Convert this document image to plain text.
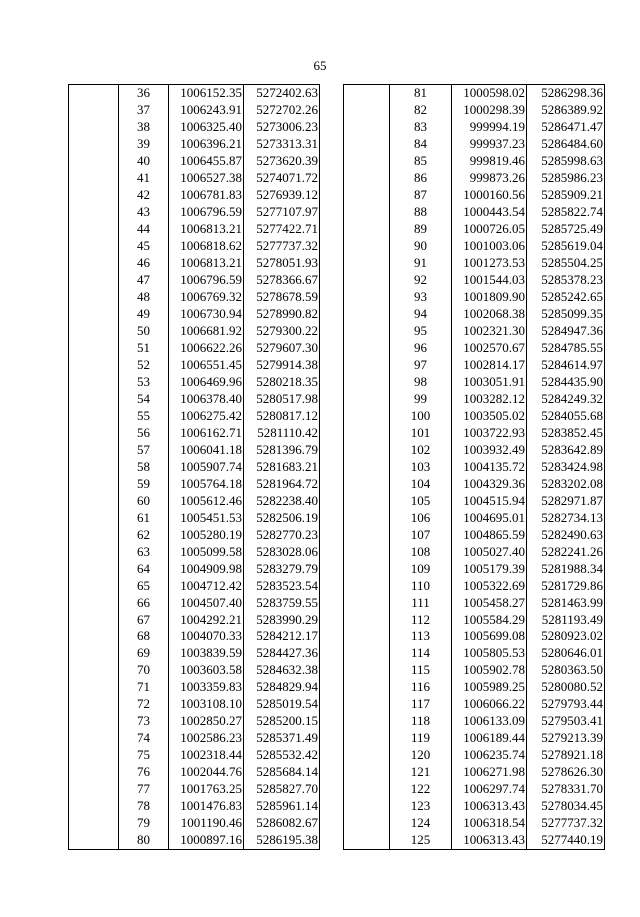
65
	36	1006152.35	5272402.63
	37	1006243.91	5272702.26
	38	1006325.40	5273006.23
	39	1006396.21	5273313.31
	40	1006455.87	5273620.39
	41	1006527.38	5274071.72
	42	1006781.83	5276939.12
	43	1006796.59	5277107.97
	44	1006813.21	5277422.71
	45	1006818.62	5277737.32
	46	1006813.21	5278051.93
	47	1006796.59	5278366.67
	48	1006769.32	5278678.59
	49	1006730.94	5278990.82
	50	1006681.92	5279300.22
	51	1006622.26	5279607.30
	52	1006551.45	5279914.38
	53	1006469.96	5280218.35
	54	1006378.40	5280517.98
	55	1006275.42	5280817.12
	56	1006162.71	5281110.42
	57	1006041.18	5281396.79
	58	1005907.74	5281683.21
	59	1005764.18	5281964.72
	60	1005612.46	5282238.40
	61	1005451.53	5282506.19
	62	1005280.19	5282770.23
	63	1005099.58	5283028.06
	64	1004909.98	5283279.79
	65	1004712.42	5283523.54
	66	1004507.40	5283759.55
	67	1004292.21	5283990.29
	68	1004070.33	5284212.17
	69	1003839.59	5284427.36
	70	1003603.58	5284632.38
	71	1003359.83	5284829.94
	72	1003108.10	5285019.54
	73	1002850.27	5285200.15
	74	1002586.23	5285371.49
	75	1002318.44	5285532.42
	76	1002044.76	5285684.14
	77	1001763.25	5285827.70
	78	1001476.83	5285961.14
	79	1001190.46	5286082.67
	80	1000897.16	5286195.38
	81	1000598.02	5286298.36
	82	1000298.39	5286389.92
	83	999994.19	5286471.47
	84	999937.23	5286484.60
	85	999819.46	5285998.63
	86	999873.26	5285986.23
	87	1000160.56	5285909.21
	88	1000443.54	5285822.74
	89	1000726.05	5285725.49
	90	1001003.06	5285619.04
	91	1001273.53	5285504.25
	92	1001544.03	5285378.23
	93	1001809.90	5285242.65
	94	1002068.38	5285099.35
	95	1002321.30	5284947.36
	96	1002570.67	5284785.55
	97	1002814.17	5284614.97
	98	1003051.91	5284435.90
	99	1003282.12	5284249.32
	100	1003505.02	5284055.68
	101	1003722.93	5283852.45
	102	1003932.49	5283642.89
	103	1004135.72	5283424.98
	104	1004329.36	5283202.08
	105	1004515.94	5282971.87
	106	1004695.01	5282734.13
	107	1004865.59	5282490.63
	108	1005027.40	5282241.26
	109	1005179.39	5281988.34
	110	1005322.69	5281729.86
	111	1005458.27	5281463.99
	112	1005584.29	5281193.49
	113	1005699.08	5280923.02
	114	1005805.53	5280646.01
	115	1005902.78	5280363.50
	116	1005989.25	5280080.52
	117	1006066.22	5279793.44
	118	1006133.09	5279503.41
	119	1006189.44	5279213.39
	120	1006235.74	5278921.18
	121	1006271.98	5278626.30
	122	1006297.74	5278331.70
	123	1006313.43	5278034.45
	124	1006318.54	5277737.32
	125	1006313.43	5277440.19
